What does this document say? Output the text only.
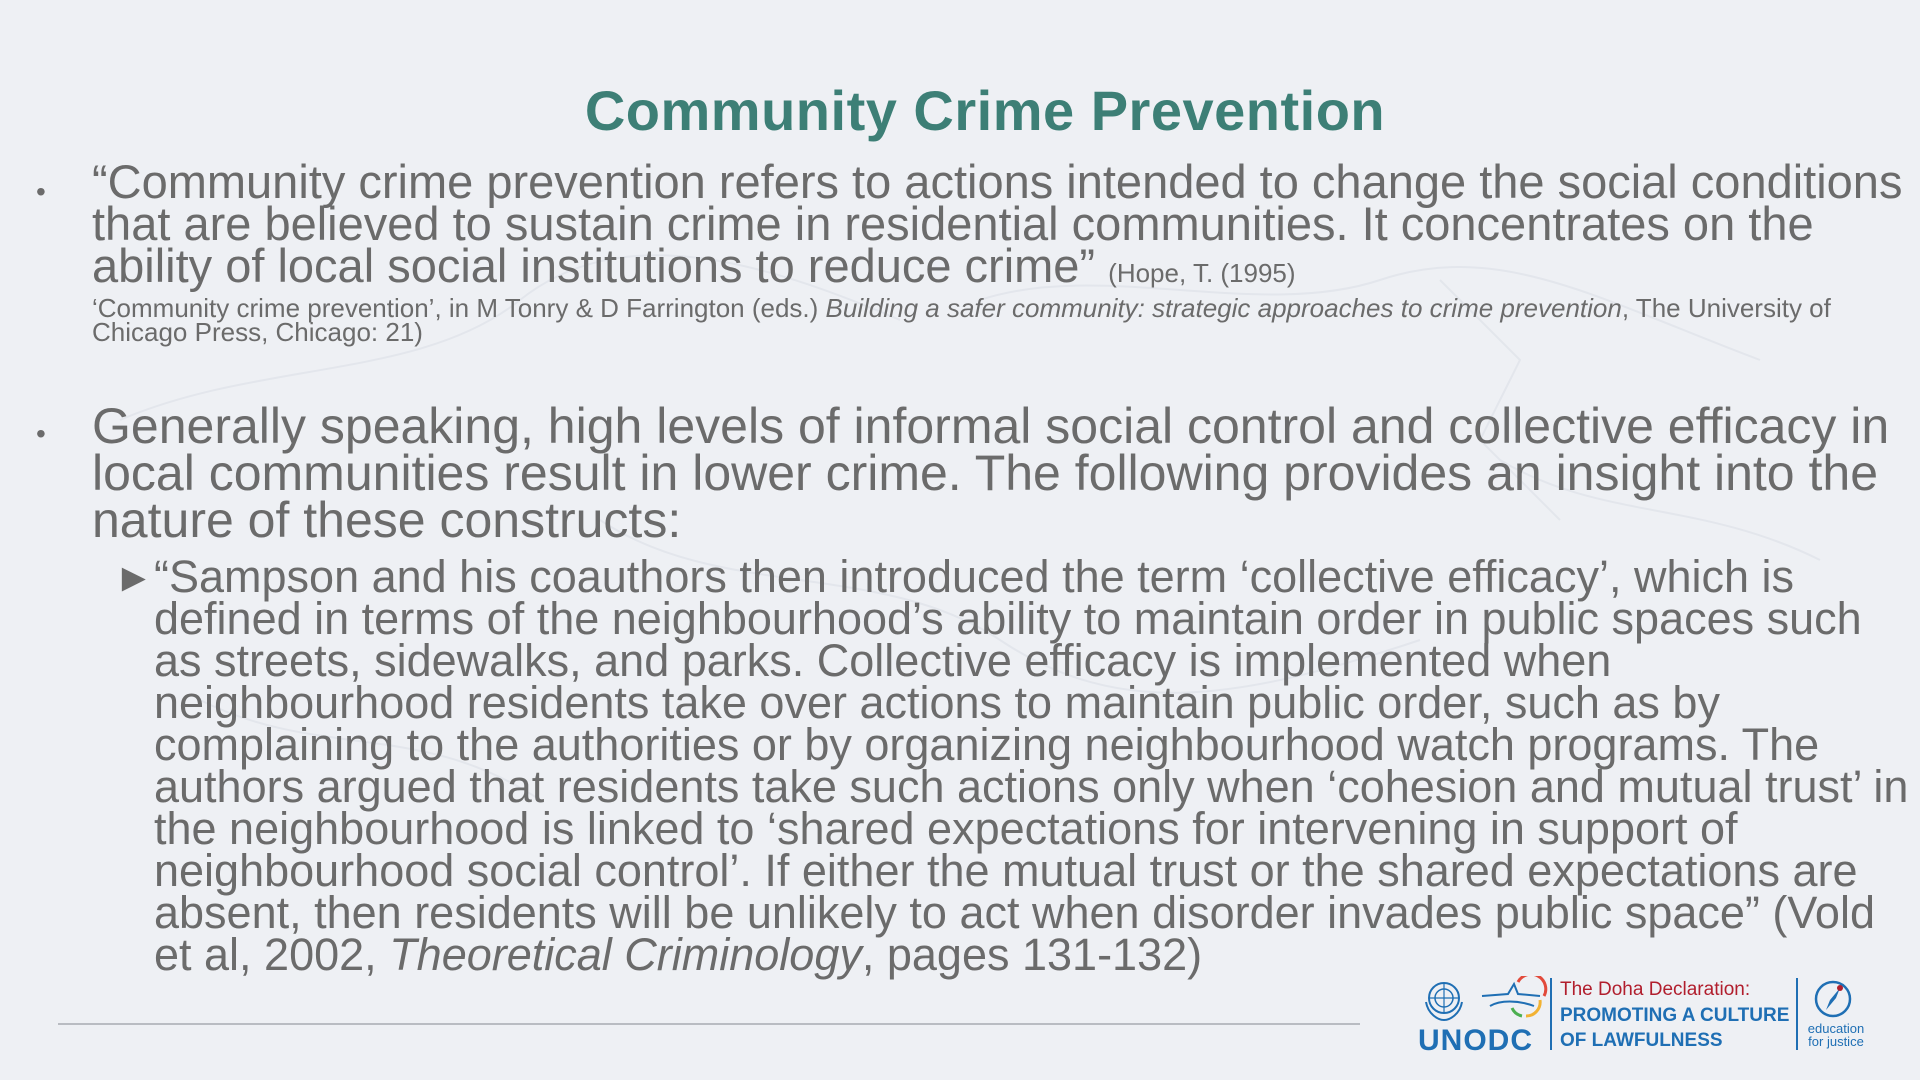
Community Crime Prevention
• “Community crime prevention refers to actions intended to change the social conditions that are believed to sustain crime in residential communities. It concentrates on the ability of local social institutions to reduce crime” (Hope, T. (1995)
‘Community crime prevention’, in M Tonry & D Farrington (eds.) Building a safer community: strategic approaches to crime prevention, The University of Chicago Press, Chicago: 21)
• Generally speaking, high levels of informal social control and collective efficacy in local communities result in lower crime. The following provides an insight into the nature of these constructs:
► “Sampson and his coauthors then introduced the term ‘collective efficacy’, which is defined in terms of the neighbourhood’s ability to maintain order in public spaces such as streets, sidewalks, and parks. Collective efficacy is implemented when neighbourhood residents take over actions to maintain public order, such as by complaining to the authorities or by organizing neighbourhood watch programs. The authors argued that residents take such actions only when ‘cohesion and mutual trust’ in the neighbourhood is linked to ‘shared expectations for intervening in support of neighbourhood social control’. If either the mutual trust or the shared expectations are absent, then residents will be unlikely to act when disorder invades public space” (Vold et al, 2002, Theoretical Criminology, pages 131-132)
UNODC
The Doha Declaration:
PROMOTING A CULTURE
OF LAWFULNESS
education
for justice
